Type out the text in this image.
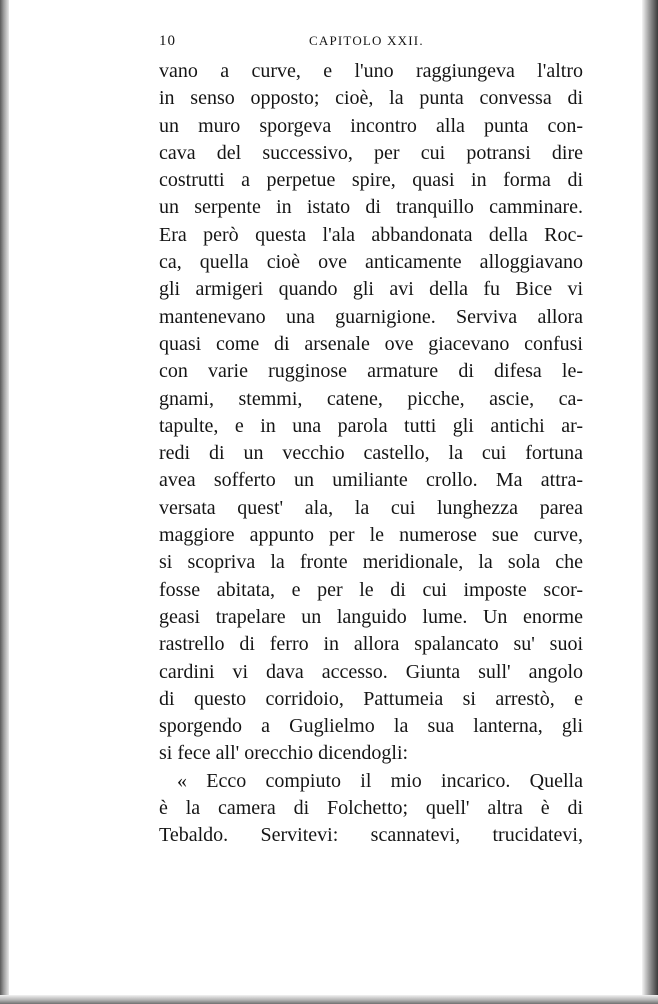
10	CAPITOLO XXII.
vano a curve, e l'uno raggiungeva l'altro
in senso opposto; cioè, la punta convessa di
un muro sporgeva incontro alla punta con-
cava del successivo, per cui potransi dire
costrutti a perpetue spire, quasi in forma di
un serpente in istato di tranquillo camminare.
Era però questa l'ala abbandonata della Roc-
ca, quella cioè ove anticamente alloggiavano
gli armigeri quando gli avi della fu Bice vi
mantenevano una guarnigione. Serviva allora
quasi come di arsenale ove giacevano confusi
con varie rugginose armature di difesa le-
gnami, stemmi, catene, picche, ascie, ca-
tapulte, e in una parola tutti gli antichi ar-
redi di un vecchio castello, la cui fortuna
avea sofferto un umiliante crollo. Ma attra-
versata quest' ala, la cui lunghezza parea
maggiore appunto per le numerose sue curve,
si scopriva la fronte meridionale, la sola che
fosse abitata, e per le di cui imposte scor-
geasi trapelare un languido lume. Un enorme
rastrello di ferro in allora spalancato su' suoi
cardini vi dava accesso. Giunta sull' angolo
di questo corridoio, Pattumeia si arrestò, e
sporgendo a Guglielmo la sua lanterna, gli
si fece all' orecchio dicendogli:
« Ecco compiuto il mio incarico. Quella
è la camera di Folchetto; quell' altra è di
Tebaldo. Servitevi: scannatevi, trucidatevi,
